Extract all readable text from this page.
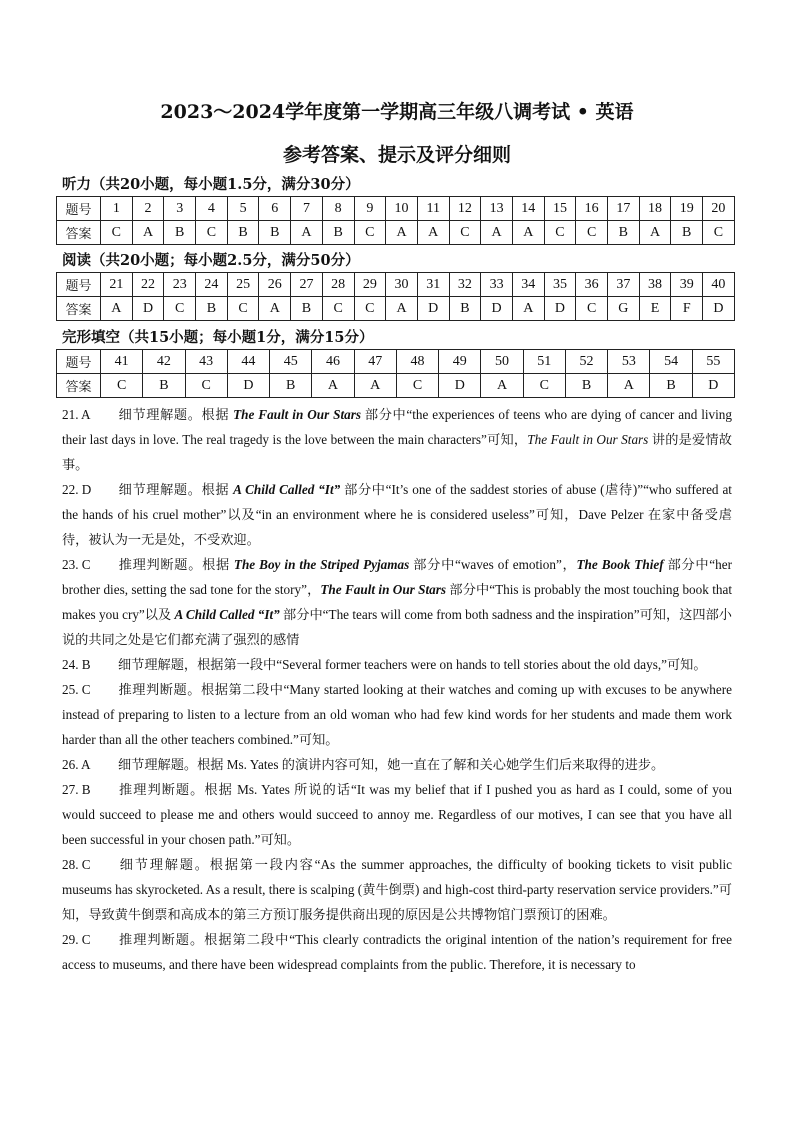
2023～2024学年度第一学期高三年级八调考试 • 英语
参考答案、提示及评分细则
听力（共20小题，每小题1.5分，满分30分）
题号	1	2	3	4	5	6	7	8	9	10	11	12	13	14	15	16	17	18	19	20
答案	C	A	B	C	B	B	A	B	C	A	A	C	A	A	C	C	B	A	B	C
阅读（共20小题；每小题2.5分，满分50分）
题号	21	22	23	24	25	26	27	28	29	30	31	32	33	34	35	36	37	38	39	40
答案	A	D	C	B	C	A	B	C	C	A	D	B	D	A	D	C	G	E	F	D
完形填空（共15小题；每小题1分，满分15分）
题号	41	42	43	44	45	46	47	48	49	50	51	52	53	54	55
答案	C	B	C	D	B	A	A	C	D	A	C	B	A	B	D

21. A 细节理解题。根据 The Fault in Our Stars 部分中“the experiences of teens who are dying of cancer and living their last days in love. The real tragedy is the love between the main characters”可知，The Fault in Our Stars 讲的是爱情故事。

22. D 细节理解题。根据 A Child Called “It” 部分中“It’s one of the saddest stories of abuse (虐待)”“who suffered at the hands of his cruel mother”以及“in an environment where he is considered useless”可知，Dave Pelzer 在家中备受虐待，被认为一无是处，不受欢迎。

23. C 推理判断题。根据 The Boy in the Striped Pyjamas 部分中“waves of emotion”，The Book Thief 部分中“her brother dies, setting the sad tone for the story”，The Fault in Our Stars 部分中“This is probably the most touching book that makes you cry”以及 A Child Called “It” 部分中“The tears will come from both sadness and the inspiration”可知，这四部小说的共同之处是它们都充满了强烈的感情

24. B 细节理解题，根据第一段中“Several former teachers were on hands to tell stories about the old days,”可知。

25. C 推理判断题。根据第二段中“Many started looking at their watches and coming up with excuses to be anywhere instead of preparing to listen to a lecture from an old woman who had few kind words for her students and made them work harder than all the other teachers combined.”可知。

26. A 细节理解题。根据 Ms. Yates 的演讲内容可知，她一直在了解和关心她学生们后来取得的进步。

27. B 推理判断题。根据 Ms. Yates 所说的话“It was my belief that if I pushed you as hard as I could, some of you would succeed to please me and others would succeed to annoy me. Regardless of our motives, I can see that you have all been successful in your chosen path.”可知。

28. C 细节理解题。根据第一段内容“As the summer approaches, the difficulty of booking tickets to visit public museums has skyrocketed. As a result, there is scalping (黄牛倒票) and high-cost third-party reservation service providers.”可知，导致黄牛倒票和高成本的第三方预订服务提供商出现的原因是公共博物馆门票预订的困难。

29. C 推理判断题。根据第二段中“This clearly contradicts the original intention of the nation’s requirement for free access to museums, and there have been widespread complaints from the public. Therefore, it is necessary to
